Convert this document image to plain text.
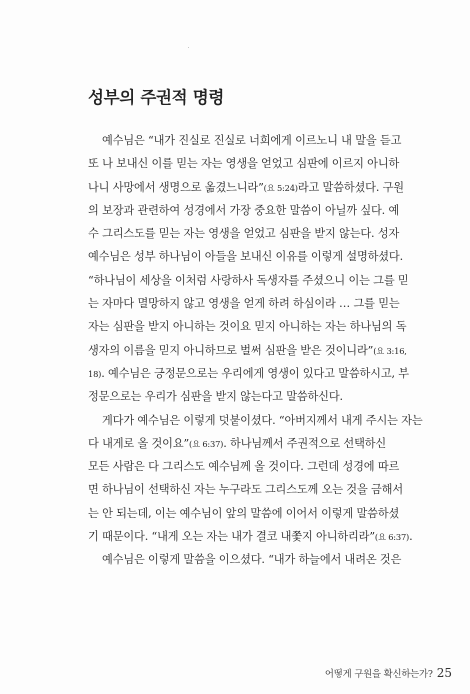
성부의 주권적 명령
예수님은 “내가 진실로 진실로 너희에게 이르노니 내 말을 듣고
또 나 보내신 이를 믿는 자는 영생을 얻었고 심판에 이르지 아니하
나니 사망에서 생명으로 옮겼느니라”(요 5:24)라고 말씀하셨다. 구원
의 보장과 관련하여 성경에서 가장 중요한 말씀이 아닐까 싶다. 예
수 그리스도를 믿는 자는 영생을 얻었고 심판을 받지 않는다. 성자
예수님은 성부 하나님이 아들을 보내신 이유를 이렇게 설명하셨다.
“하나님이 세상을 이처럼 사랑하사 독생자를 주셨으니 이는 그를 믿
는 자마다 멸망하지 않고 영생을 얻게 하려 하심이라 … 그를 믿는
자는 심판을 받지 아니하는 것이요 믿지 아니하는 자는 하나님의 독
생자의 이름을 믿지 아니하므로 벌써 심판을 받은 것이니라”(요 3:16,
18). 예수님은 긍정문으로는 우리에게 영생이 있다고 말씀하시고, 부
정문으로는 우리가 심판을 받지 않는다고 말씀하신다.
게다가 예수님은 이렇게 덧붙이셨다. “아버지께서 내게 주시는 자는
다 내게로 올 것이요”(요 6:37). 하나님께서 주권적으로 선택하신
모든 사람은 다 그리스도 예수님께 올 것이다. 그런데 성경에 따르
면 하나님이 선택하신 자는 누구라도 그리스도께 오는 것을 금해서
는 안 되는데, 이는 예수님이 앞의 말씀에 이어서 이렇게 말씀하셨
기 때문이다. “내게 오는 자는 내가 결코 내쫓지 아니하리라”(요 6:37).
예수님은 이렇게 말씀을 이으셨다. “내가 하늘에서 내려온 것은
어떻게 구원을 확신하는가? 25
